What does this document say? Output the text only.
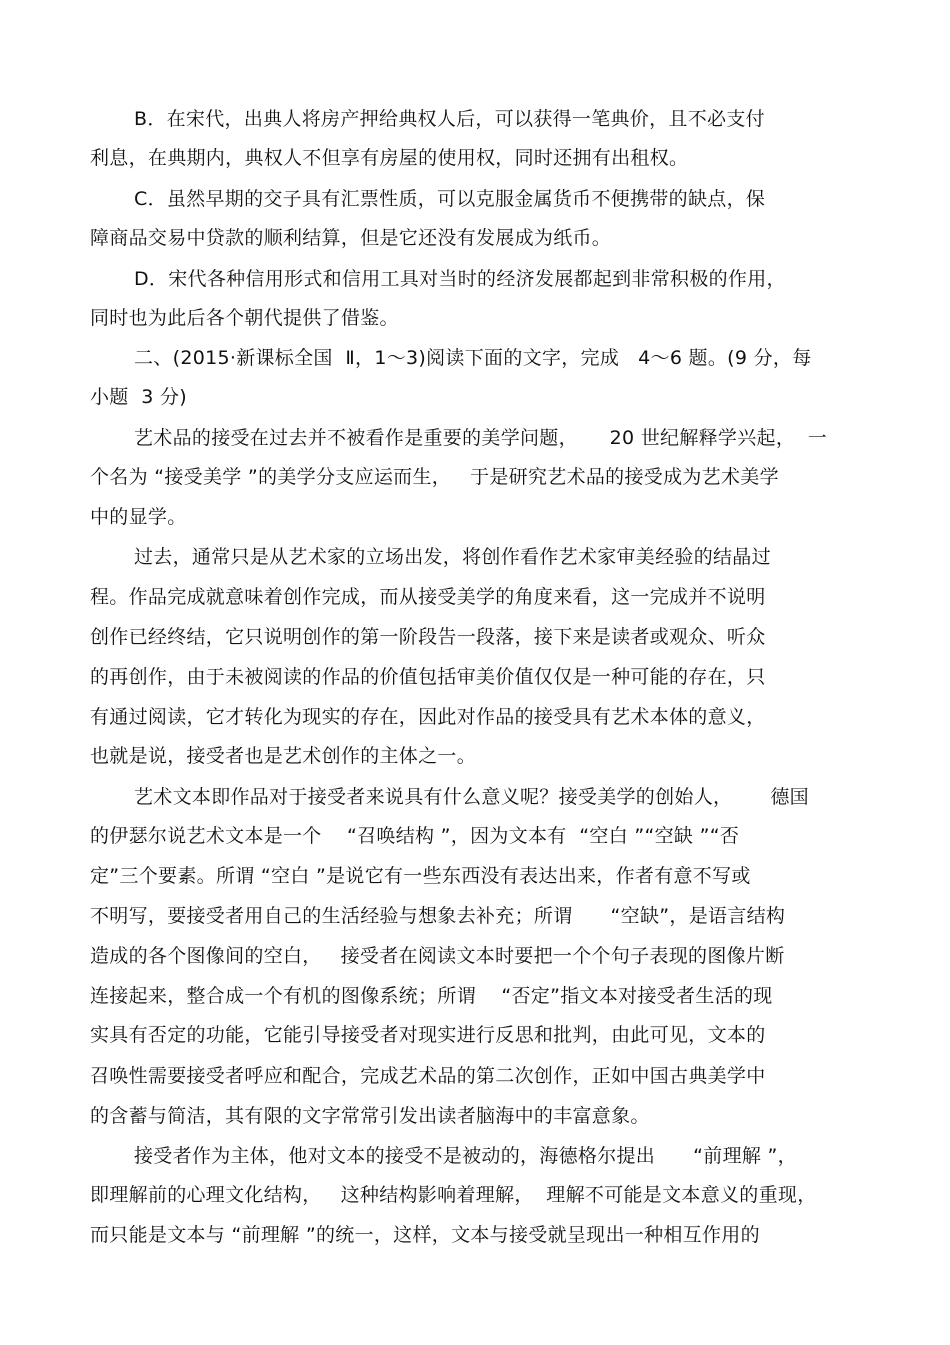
B．在宋代，出典人将房产押给典权人后，可以获得一笔典价，且不必支付
利息，在典期内，典权人不但享有房屋的使用权，同时还拥有出租权。
C．虽然早期的交子具有汇票性质，可以克服金属货币不便携带的缺点，保
障商品交易中贷款的顺利结算，但是它还没有发展成为纸币。
D．宋代各种信用形式和信用工具对当时的经济发展都起到非常积极的作用，
同时也为此后各个朝代提供了借鉴。
二、(2015·新课标全国  Ⅱ，1～3)阅读下面的文字，完成   4～6 题。(9 分，每
小题  3 分)
艺术品的接受在过去并不被看作是重要的美学问题，     20 世纪解释学兴起，  一
个名为 “接受美学 ”的美学分支应运而生，   于是研究艺术品的接受成为艺术美学
中的显学。
过去，通常只是从艺术家的立场出发，将创作看作艺术家审美经验的结晶过
程。作品完成就意味着创作完成，而从接受美学的角度来看，这一完成并不说明
创作已经终结，它只说明创作的第一阶段告一段落，接下来是读者或观众、听众
的再创作，由于未被阅读的作品的价值包括审美价值仅仅是一种可能的存在，只
有通过阅读，它才转化为现实的存在，因此对作品的接受具有艺术本体的意义，
也就是说，接受者也是艺术创作的主体之一。
艺术文本即作品对于接受者来说具有什么意义呢？接受美学的创始人，      德国
的伊瑟尔说艺术文本是一个    “召唤结构 ”，因为文本有  “空白 ”“空缺 ”“否
定”三个要素。所谓 “空白 ”是说它有一些东西没有表达出来，作者有意不写或
不明写，要接受者用自己的生活经验与想象去补充；所谓      “空缺”，是语言结构
造成的各个图像间的空白，   接受者在阅读文本时要把一个个句子表现的图像片断
连接起来，整合成一个有机的图像系统；所谓    “否定”指文本对接受者生活的现
实具有否定的功能，它能引导接受者对现实进行反思和批判，由此可见，文本的
召唤性需要接受者呼应和配合，完成艺术品的第二次创作，正如中国古典美学中
的含蓄与简洁，其有限的文字常常引发出读者脑海中的丰富意象。
接受者作为主体，他对文本的接受不是被动的，海德格尔提出      “前理解 ”，
即理解前的心理文化结构，   这种结构影响着理解，  理解不可能是文本意义的重现，
而只能是文本与 “前理解 ”的统一，这样，文本与接受就呈现出一种相互作用的
